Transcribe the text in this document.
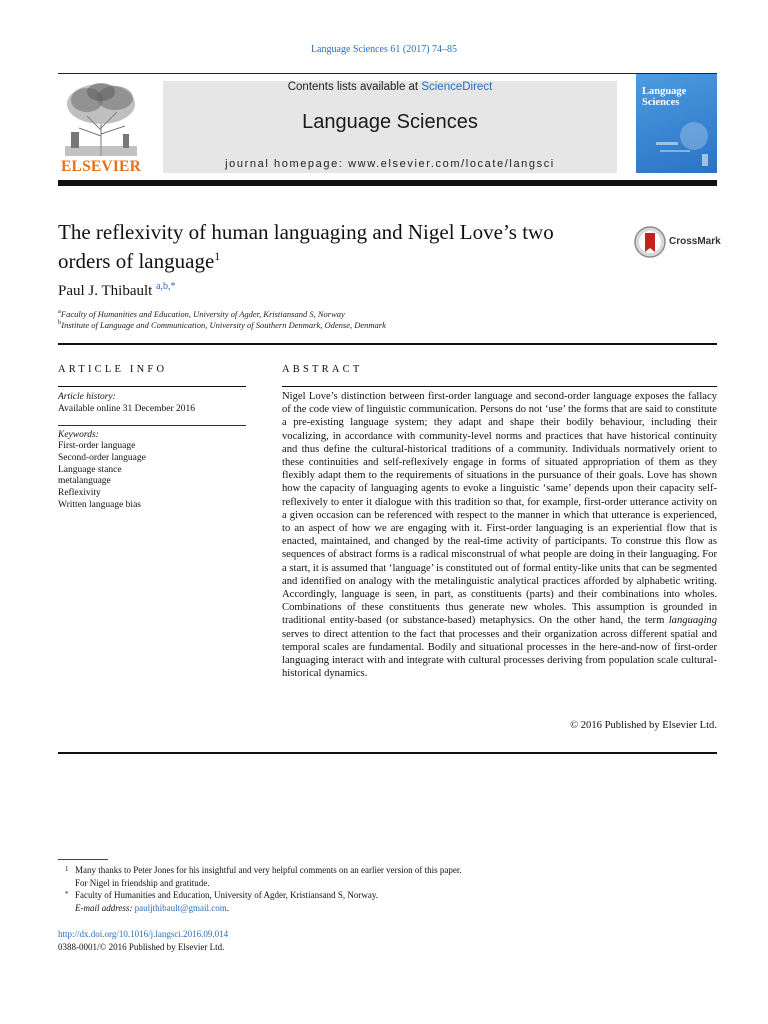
Language Sciences 61 (2017) 74–85
ELSEVIER
Contents lists available at ScienceDirect
Language Sciences
journal homepage: www.elsevier.com/locate/langsci
Language Sciences
The reflexivity of human languaging and Nigel Love’s two orders of language$^1$
CrossMark
Paul J. Thibault $^{a,b,*}$
$^a$Faculty of Humanities and Education, University of Agder, Kristiansand S, Norway
$^b$Institute of Language and Communication, University of Southern Denmark, Odense, Denmark
ARTICLE INFO
Article history:
Available online 31 December 2016
Keywords:
First-order language
Second-order language
Language stance
metalanguage
Reflexivity
Written language bias
ABSTRACT
Nigel Love’s distinction between first-order language and second-order language exposes the fallacy of the code view of linguistic communication. Persons do not ‘use’ the forms that are said to constitute a pre-existing language system; they adapt and shape their bodily behaviour, including their vocalizing, in accordance with community-level norms and practices that have historical continuity and thus define the cultural-historical traditions of a community. Individuals normatively orient to these continuities and self-reflexively engage in forms of situated appropriation of them as they flexibly adapt them to the requirements of situations in the pursuance of their goals. Love has shown how the capacity of languaging agents to evoke a linguistic ‘same’ depends upon their capacity self-reflexively to enter it dialogue with this tradition so that, for example, first-order utterance activity on a given occasion can be referenced with respect to the manner in which that utterance is experienced, to an aspect of how we are engaging with it. First-order languaging is an experiential flow that is enacted, maintained, and changed by the real-time activity of participants. To construe this flow as sequences of abstract forms is a radical misconstrual of what people are doing in their languaging. For a start, it is assumed that ‘language’ is constituted out of formal entity-like units that can be segmented and identified on analogy with the metalinguistic analytical practices afforded by alphabetic writing. Accordingly, language is seen, in part, as constituents (parts) and their combinations into wholes. Combinations of these constituents thus generate new wholes. This assumption is grounded in traditional entity-based (or substance-based) metaphysics. On the other hand, the term languaging serves to direct attention to the fact that processes and their organization across different spatial and temporal scales are fundamental. Bodily and situational processes in the here-and-now of first-order languaging interact with and integrate with cultural processes deriving from population scale cultural-historical dynamics.
© 2016 Published by Elsevier Ltd.
1 Many thanks to Peter Jones for his insightful and very helpful comments on an earlier version of this paper.
For Nigel in friendship and gratitude.
* Faculty of Humanities and Education, University of Agder, Kristiansand S, Norway.
E-mail address: pauljthibault@gmail.com.
http://dx.doi.org/10.1016/j.langsci.2016.09.014
0388-0001/© 2016 Published by Elsevier Ltd.
